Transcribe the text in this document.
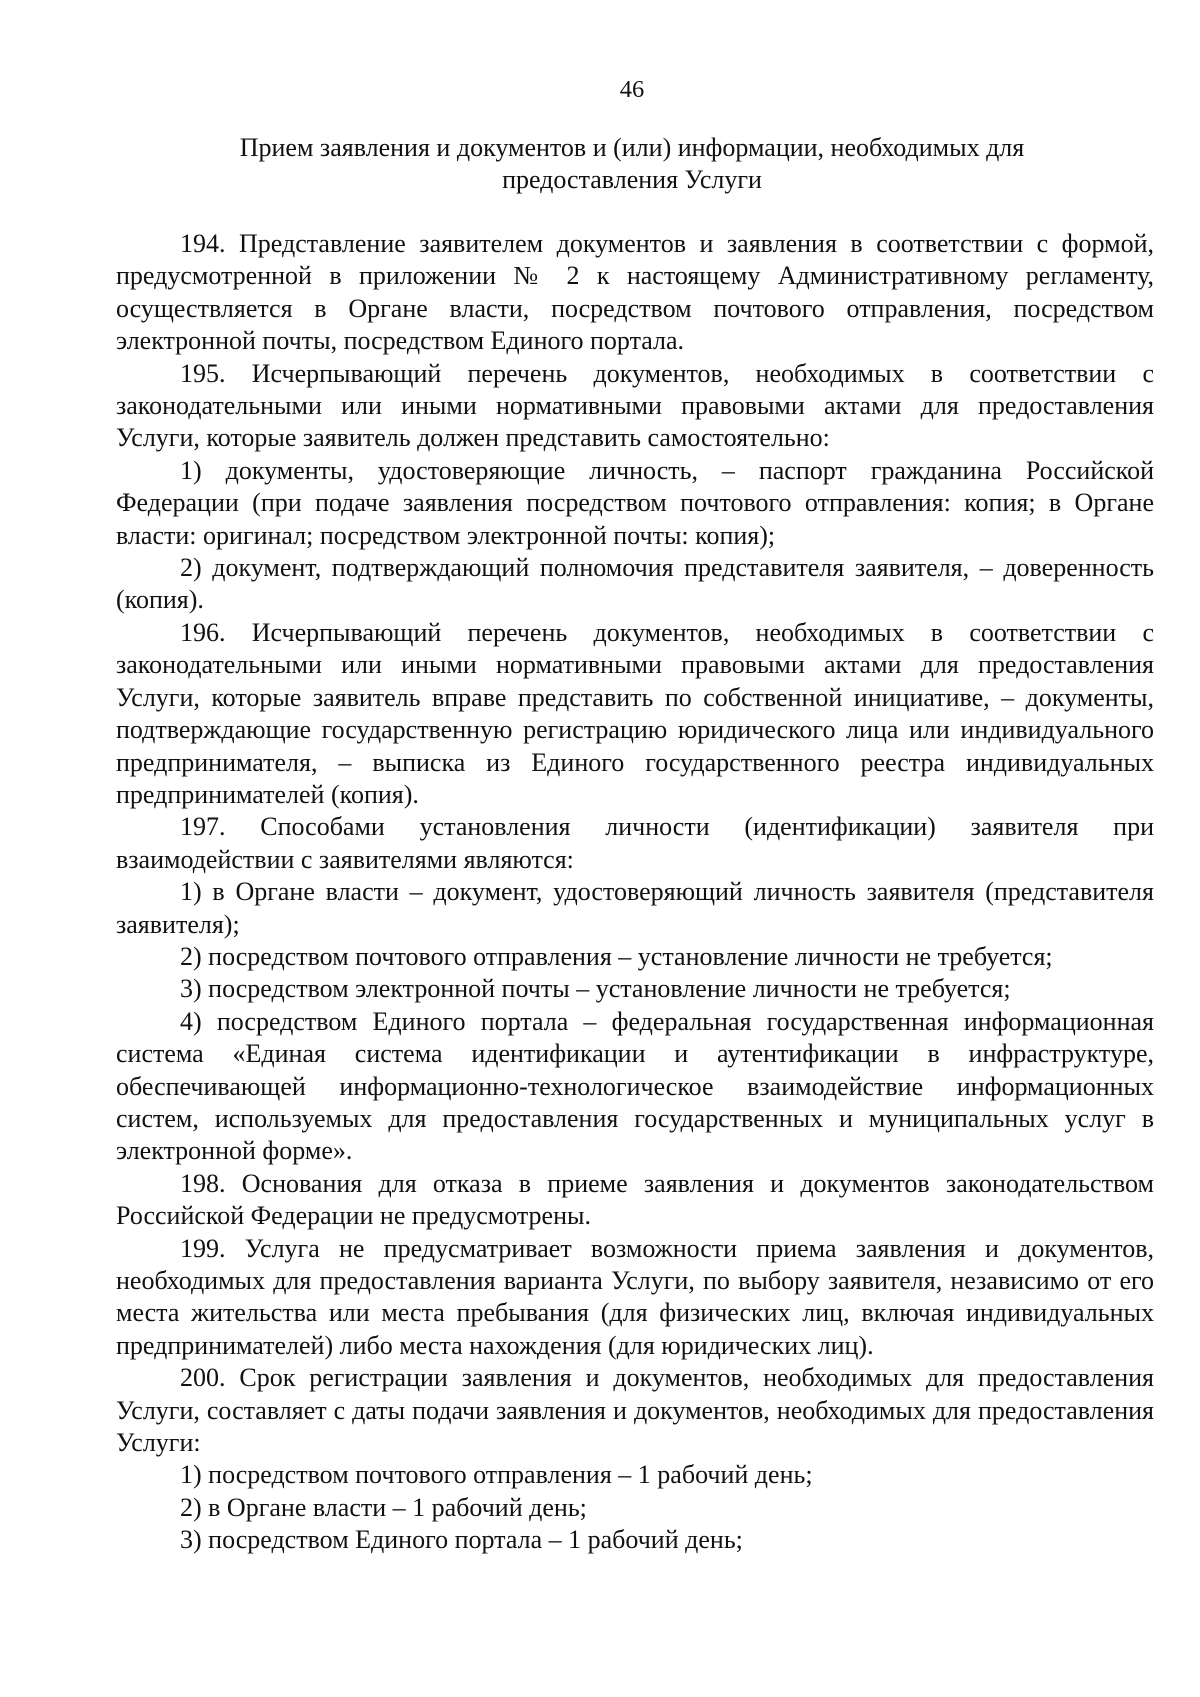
46
Прием заявления и документов и (или) информации, необходимых для
предоставления Услуги

194. Представление заявителем документов и заявления в соответствии с формой, предусмотренной в приложении № 2 к настоящему Административному регламенту, осуществляется в Органе власти, посредством почтового отправления, посредством электронной почты, посредством Единого портала.

195. Исчерпывающий перечень документов, необходимых в соответствии с законодательными или иными нормативными правовыми актами для предоставления Услуги, которые заявитель должен представить самостоятельно:

1) документы, удостоверяющие личность, – паспорт гражданина Российской Федерации (при подаче заявления посредством почтового отправления: копия; в Органе власти: оригинал; посредством электронной почты: копия);

2) документ, подтверждающий полномочия представителя заявителя, – доверенность (копия).

196. Исчерпывающий перечень документов, необходимых в соответствии с законодательными или иными нормативными правовыми актами для предоставления Услуги, которые заявитель вправе представить по собственной инициативе, – документы, подтверждающие государственную регистрацию юридического лица или индивидуального предпринимателя, – выписка из Единого государственного реестра индивидуальных предпринимателей (копия).

197. Способами установления личности (идентификации) заявителя при взаимодействии с заявителями являются:

1) в Органе власти – документ, удостоверяющий личность заявителя (представителя заявителя);

2) посредством почтового отправления – установление личности не требуется;

3) посредством электронной почты – установление личности не требуется;

4) посредством Единого портала – федеральная государственная информационная система «Единая система идентификации и аутентификации в инфраструктуре, обеспечивающей информационно-технологическое взаимодействие информационных систем, используемых для предоставления государственных и муниципальных услуг в электронной форме».

198. Основания для отказа в приеме заявления и документов законодательством Российской Федерации не предусмотрены.

199. Услуга не предусматривает возможности приема заявления и документов, необходимых для предоставления варианта Услуги, по выбору заявителя, независимо от его места жительства или места пребывания (для физических лиц, включая индивидуальных предпринимателей) либо места нахождения (для юридических лиц).

200. Срок регистрации заявления и документов, необходимых для предоставления Услуги, составляет с даты подачи заявления и документов, необходимых для предоставления Услуги:

1) посредством почтового отправления – 1 рабочий день;

2) в Органе власти – 1 рабочий день;

3) посредством Единого портала – 1 рабочий день;
